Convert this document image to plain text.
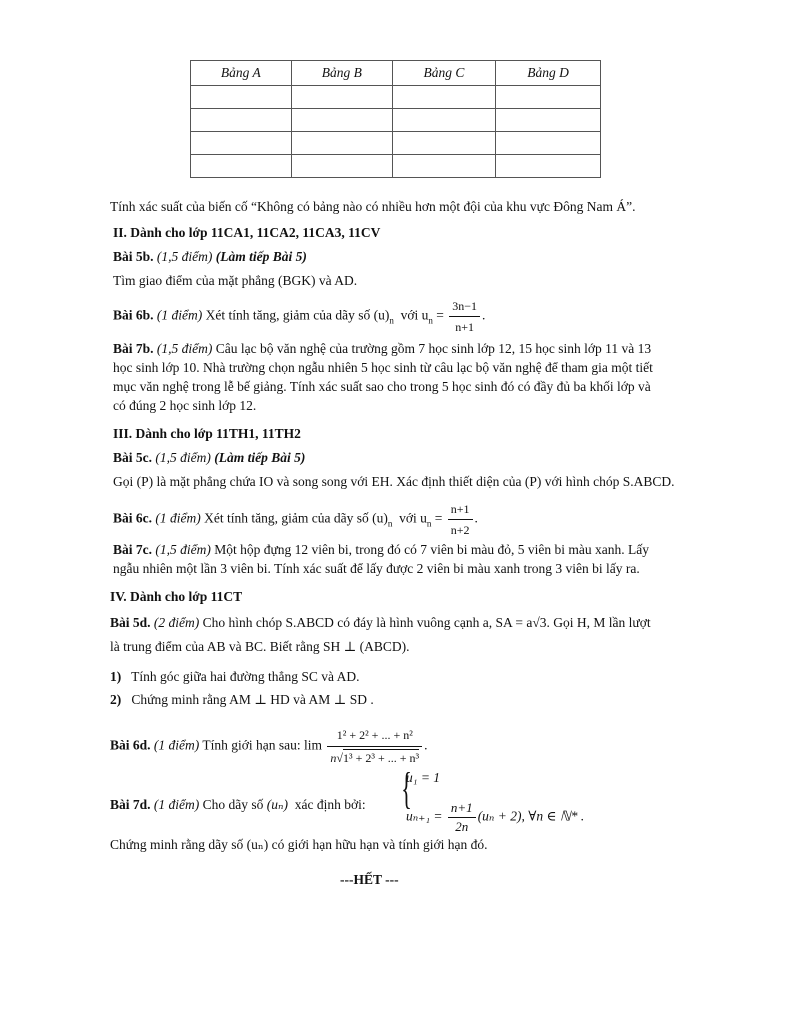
Bảng A	Bảng B	Bảng C	Bảng D

Tính xác suất của biến cố “Không có bảng nào có nhiều hơn một đội của khu vực Đông Nam Á”.
II. Dành cho lớp 11CA1, 11CA2, 11CA3, 11CV
Bài 5b. (1,5 điểm) (Làm tiếp Bài 5)
Tìm giao điểm của mặt phẳng (BGK) và AD.
Bài 6b. (1 điểm) Xét tính tăng, giảm của dãy số $(u)_n$ với $u_n = \frac{3n-1}{n+1}$ .
Bài 7b. (1,5 điểm) Câu lạc bộ văn nghệ của trường gồm 7 học sinh lớp 12, 15 học sinh lớp 11 và 13
học sinh lớp 10. Nhà trường chọn ngẫu nhiên 5 học sinh từ câu lạc bộ văn nghệ để tham gia một tiết
mục văn nghệ trong lễ bế giảng. Tính xác suất sao cho trong 5 học sinh đó có đầy đủ ba khối lớp và
có đúng 2 học sinh lớp 12.
III. Dành cho lớp 11TH1, 11TH2
Bài 5c. (1,5 điểm) (Làm tiếp Bài 5)
Gọi (P) là mặt phẳng chứa IO và song song với EH. Xác định thiết diện của (P) với hình chóp S.ABCD.
Bài 6c. (1 điểm) Xét tính tăng, giảm của dãy số $(u)_n$ với $u_n = \frac{n+1}{n+2}$ .
Bài 7c. (1,5 điểm) Một hộp đựng 12 viên bi, trong đó có 7 viên bi màu đỏ, 5 viên bi màu xanh. Lấy
ngẫu nhiên một lần 3 viên bi. Tính xác suất để lấy được 2 viên bi màu xanh trong 3 viên bi lấy ra.
IV. Dành cho lớp 11CT
Bài 5d. (2 điểm) Cho hình chóp S.ABCD có đáy là hình vuông cạnh a, SA = a√3. Gọi H, M lần lượt
là trung điểm của AB và BC. Biết rằng SH ⊥ (ABCD).
1) Tính góc giữa hai đường thẳng SC và AD.
2) Chứng minh rằng AM ⊥ HD và AM ⊥ SD .
Bài 6d. (1 điểm) Tính giới hạn sau: $\lim \frac{\text{1² + 2² + ... + n²}}{\text{n√1³ + 2³ + ... + n³}}$ .
Bài 7d. (1 điểm) Cho dãy số (uₙ) xác định bởi: {
u₁ = 1
$u_{n+1} = \frac{n+1}{2n} (u_n + 2)$, ∀n ∈ ℕ* .
Chứng minh rằng dãy số (uₙ) có giới hạn hữu hạn và tính giới hạn đó.
---HẾT ---
